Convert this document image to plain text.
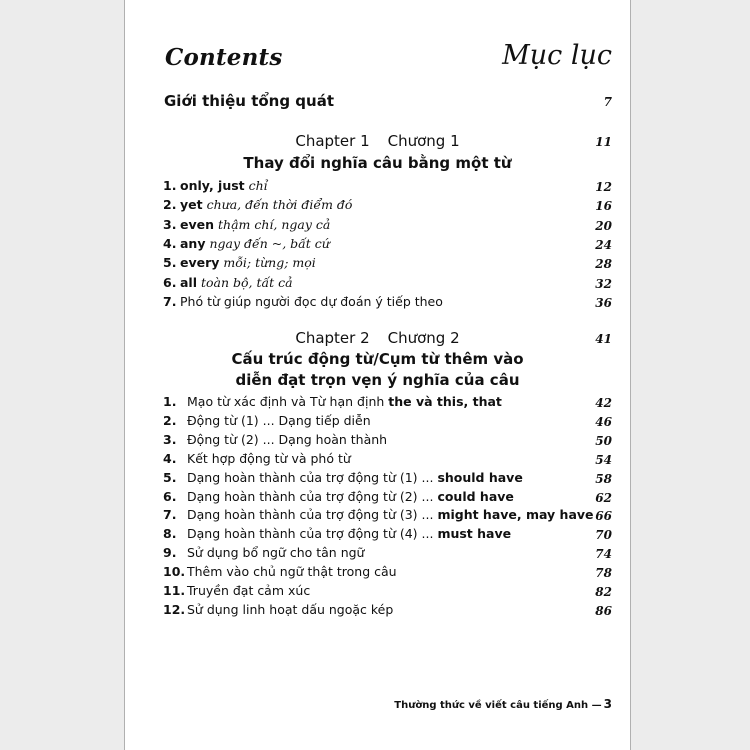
Contents	Mục lục
Giới thiệu tổng quát	7
Chapter 1 Chương 1	11
Thay đổi nghĩa câu bằng một từ
1. only, just chỉ	12
2. yet chưa, đến thời điểm đó	16
3. even thậm chí, ngay cả	20
4. any ngay đến ~, bất cứ	24
5. every mỗi; từng; mọi	28
6. all toàn bộ, tất cả	32
7. Phó từ giúp người đọc dự đoán ý tiếp theo	36
Chapter 2 Chương 2	41
Cấu trúc động từ/Cụm từ thêm vào
diễn đạt trọn vẹn ý nghĩa của câu
1. Mạo từ xác định và Từ hạn định the và this, that	42
2. Động từ (1) ... Dạng tiếp diễn	46
3. Động từ (2) ... Dạng hoàn thành	50
4. Kết hợp động từ và phó từ	54
5. Dạng hoàn thành của trợ động từ (1) ... should have	58
6. Dạng hoàn thành của trợ động từ (2) ... could have	62
7. Dạng hoàn thành của trợ động từ (3) ... might have, may have 66
8. Dạng hoàn thành của trợ động từ (4) ... must have	70
9. Sử dụng bổ ngữ cho tân ngữ	74
10. Thêm vào chủ ngữ thật trong câu	78
11. Truyền đạt cảm xúc	82
12. Sử dụng linh hoạt dấu ngoặc kép	86
Thường thức về viết câu tiếng Anh — 3
